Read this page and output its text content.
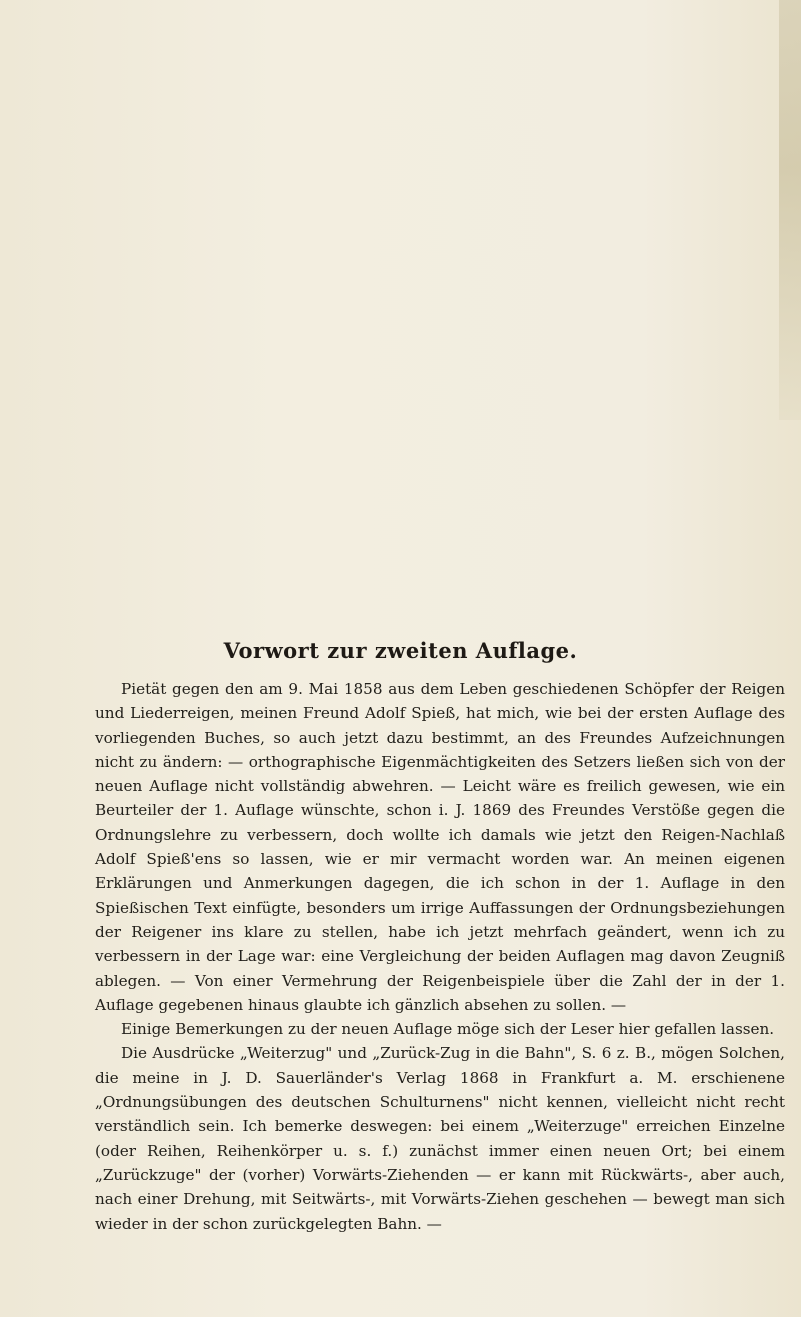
Vorwort zur zweiten Auflage.

Pietät gegen den am 9. Mai 1858 aus dem Leben geschiedenen Schöpfer der Reigen und Liederreigen, meinen Freund Adolf Spieß, hat mich, wie bei der ersten Auflage des vorliegenden Buches, so auch jetzt dazu bestimmt, an des Freundes Aufzeichnungen nicht zu ändern: — orthographische Eigenmächtigkeiten des Setzers ließen sich von der neuen Auflage nicht vollständig abwehren. — Leicht wäre es freilich gewesen, wie ein Beurteiler der 1. Auflage wünschte, schon i. J. 1869 des Freundes Verstöße gegen die Ordnungslehre zu verbessern, doch wollte ich damals wie jetzt den Reigen-Nachlaß Adolf Spieß'ens so lassen, wie er mir vermacht worden war. An meinen eigenen Erklärungen und Anmerkungen dagegen, die ich schon in der 1. Auflage in den Spießischen Text einfügte, besonders um irrige Auffassungen der Ordnungsbeziehungen der Reigener ins klare zu stellen, habe ich jetzt mehrfach geändert, wenn ich zu verbessern in der Lage war: eine Vergleichung der beiden Auflagen mag davon Zeugniß ablegen. — Von einer Vermehrung der Reigenbeispiele über die Zahl der in der 1. Auflage gegebenen hinaus glaubte ich gänzlich absehen zu sollen. —

Einige Bemerkungen zu der neuen Auflage möge sich der Leser hier gefallen lassen.

Die Ausdrücke „Weiterzug" und „Zurück-Zug in die Bahn", S. 6 z. B., mögen Solchen, die meine in J. D. Sauerländer's Verlag 1868 in Frankfurt a. M. erschienene „Ordnungsübungen des deutschen Schulturnens" nicht kennen, vielleicht nicht recht verständlich sein. Ich bemerke deswegen: bei einem „Weiterzuge" erreichen Einzelne (oder Reihen, Reihenkörper u. s. f.) zunächst immer einen neuen Ort; bei einem „Zurückzuge" der (vorher) Vorwärts-Ziehenden — er kann mit Rückwärts-, aber auch, nach einer Drehung, mit Seitwärts-, mit Vorwärts-Ziehen geschehen — bewegt man sich wieder in der schon zurückgelegten Bahn. —
